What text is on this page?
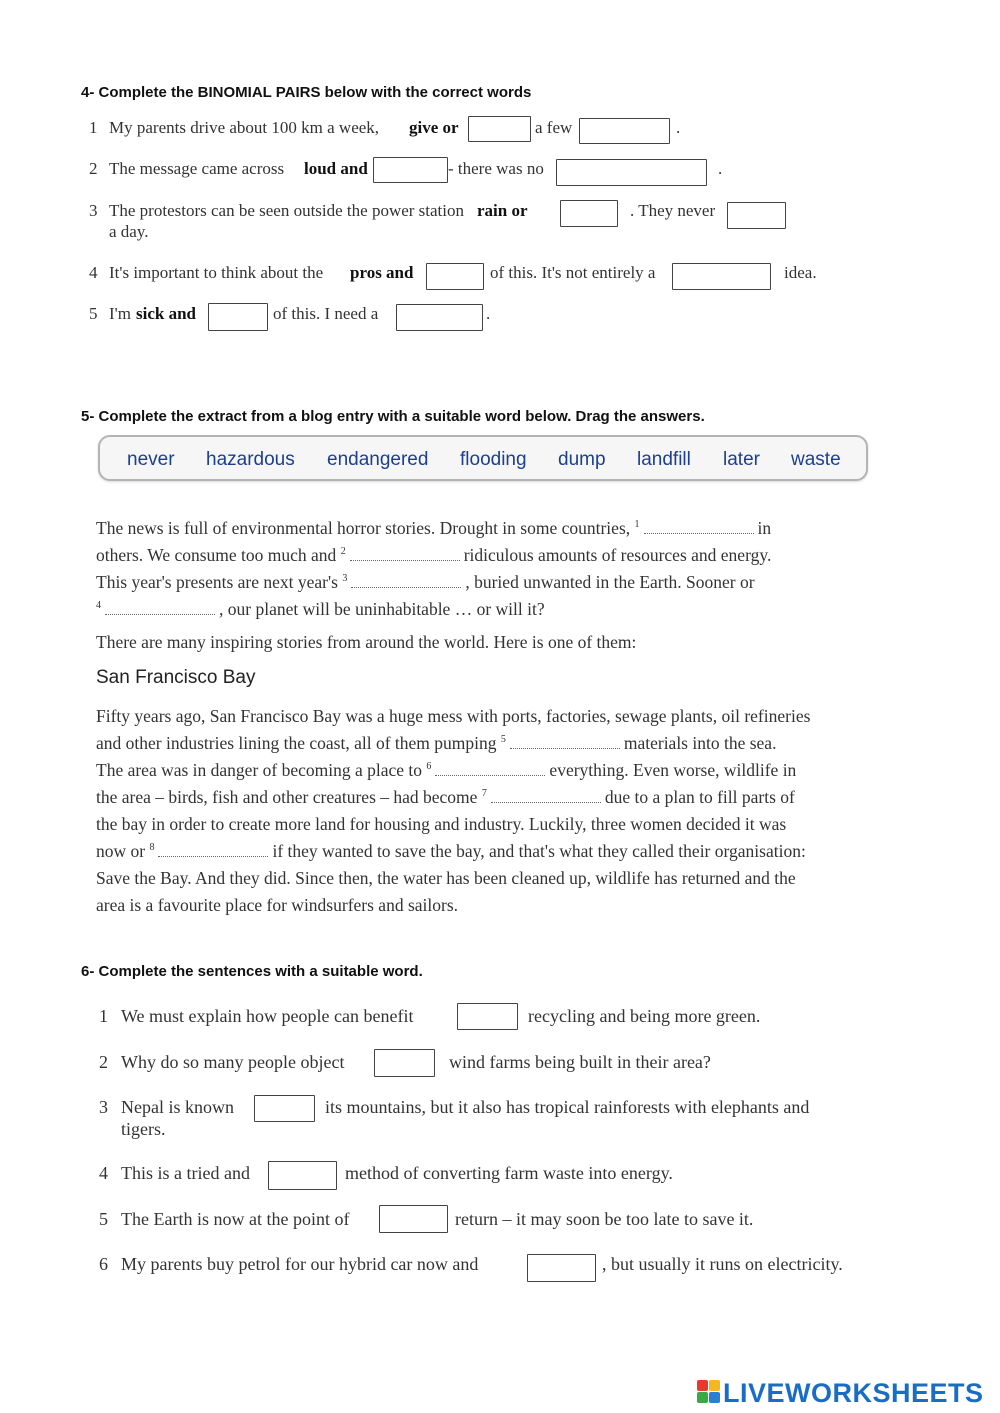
4- Complete the BINOMIAL PAIRS below with the correct words
1 My parents drive about 100 km a week, give or	a few	.
2 The message came across loud and	- there was no	.
3 The protestors can be seen outside the power station rain or	. They never
a day.
4 It's important to think about the pros and	of this. It's not entirely a	idea.
5 I'm sick and	of this. I need a	.
5- Complete the extract from a blog entry with a suitable word below. Drag the answers.
never hazardous endangered flooding dump landfill later waste
The news is full of environmental horror stories. Drought in some countries, $^1$	in
others. We consume too much and $^2$	ridiculous amounts of resources and energy.
This year's presents are next year's $^3$	, buried unwanted in the Earth. Sooner or
$^4$	, our planet will be uninhabitable … or will it?
There are many inspiring stories from around the world. Here is one of them:
San Francisco Bay
Fifty years ago, San Francisco Bay was a huge mess with ports, factories, sewage plants, oil refineries
and other industries lining the coast, all of them pumping $^5$	materials into the sea.
The area was in danger of becoming a place to $^6$	everything. Even worse, wildlife in
the area – birds, fish and other creatures – had become $^7$	due to a plan to fill parts of
the bay in order to create more land for housing and industry. Luckily, three women decided it was
now or $^8$	if they wanted to save the bay, and that's what they called their organisation:
Save the Bay. And they did. Since then, the water has been cleaned up, wildlife has returned and the
area is a favourite place for windsurfers and sailors.
6- Complete the sentences with a suitable word.
1 We must explain how people can benefit	recycling and being more green.
2 Why do so many people object	wind farms being built in their area?
3 Nepal is known	its mountains, but it also has tropical rainforests with elephants and
tigers.
4 This is a tried and	method of converting farm waste into energy.
5 The Earth is now at the point of	return – it may soon be too late to save it.
6 My parents buy petrol for our hybrid car now and	, but usually it runs on electricity.
LIVEWORKSHEETS
